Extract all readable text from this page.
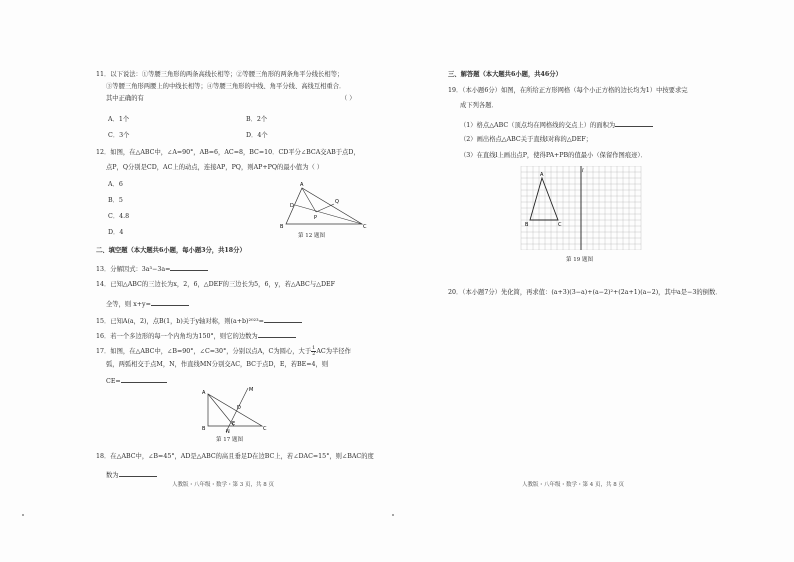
11．以下说法：①等腰三角形的两条高线长相等；②等腰三角形的两条角平分线长相等；
③等腰三角形两腰上的中线长相等；④等腰三角形的中线、角平分线、高线互相重合．
其中正确的有	（ ）
A．1个	B．2个
C．3个	D．4个
12．如图，在△ABC中，∠A=90°，AB=6，AC=8，BC=10．CD平分∠BCA交AB于点D，
点P，Q分别是CD，AC上的动点，连接AP，PQ，则AP+PQ的最小值为（ ）
A．6
B．5
C．4.8
D．4
A
D
P
Q
B	C
第 12 题图
二、填空题（本大题共6小题，每小题3分，共18分）
13．分解因式：3a³−3a=
14．已知△ABC的三边长为x，2，6，△DEF的三边长为5，6，y，若△ABC与△DEF
全等，则 x+y=
15．已知A(a，2)，点B(1，b)关于y轴对称，则(a+b)²⁰²³=
16．若一个多边形的每一个内角均为150°，则它的边数为
17．如图，在△ABC中，∠B=90°，∠C=30°，分别以点A，C为圆心，大于 $\frac{1}{2}$ AC为半径作
弧，两弧相交于点M，N，作直线MN分别交AC，BC于点D，E，若BE=4，则
CE=
A	M
D
B
E
C
N
第 17 题图
18．在△ABC中，∠B=45°，AD是△ABC的高且垂足D在边BC上，若∠DAC=15°，则∠BAC的度
数为
人教版・八年级・数学・第 3 页，共 8 页
三、解答题（本大题共6小题，共46分）
19．（本小题6分）如图，在所给正方形网格（每个小正方格的边长均为1）中按要求完
成下列各题．
（1）格点△ABC（顶点均在网格线的交点上）的面积为
（2）画出格点△ABC关于直线l对称的△DEF；
（3）在直线l上画出点P，使得PA+PB的值最小（保留作图痕迹）．
A
B	C
l
第 19 题图
20．（本小题7分）先化简，再求值：(a+3)(3−a)+(a−2)²+(2a+1)(a−2)，其中a是−3的倒数．
人教版・八年级・数学・第 4 页，共 8 页
